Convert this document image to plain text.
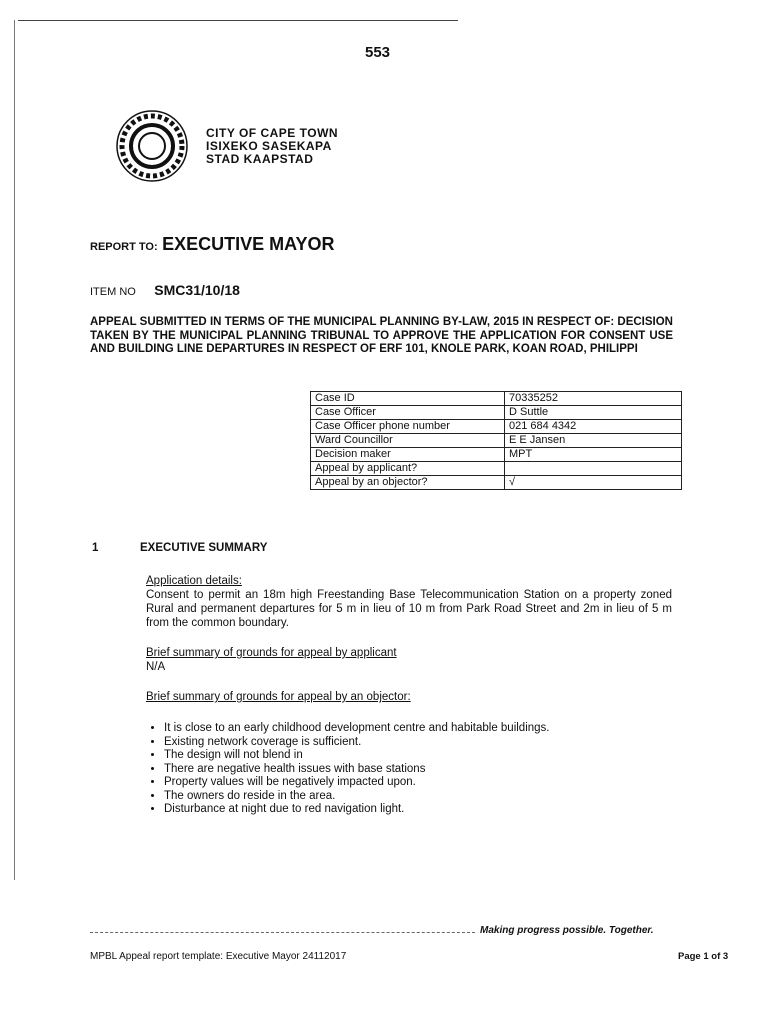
553
CITY OF CAPE TOWN
ISIXEKO SASEKAPA
STAD KAAPSTAD
REPORT TO: EXECUTIVE MAYOR
ITEM NO SMC31/10/18
APPEAL SUBMITTED IN TERMS OF THE MUNICIPAL PLANNING BY-LAW, 2015 IN RESPECT OF: DECISION TAKEN BY THE MUNICIPAL PLANNING TRIBUNAL TO APPROVE THE APPLICATION FOR CONSENT USE AND BUILDING LINE DEPARTURES IN RESPECT OF ERF 101, KNOLE PARK, KOAN ROAD, PHILIPPI
Case ID	70335252
Case Officer	D Suttle
Case Officer phone number	021 684 4342
Ward Councillor	E E Jansen
Decision maker	MPT
Appeal by applicant?	
Appeal by an objector?	√
1	EXECUTIVE SUMMARY
Application details:
Consent to permit an 18m high Freestanding Base Telecommunication Station on a property zoned Rural and permanent departures for 5 m in lieu of 10 m from Park Road Street and 2m in lieu of 5 m from the common boundary.
Brief summary of grounds for appeal by applicant
N/A
Brief summary of grounds for appeal by an objector:
• It is close to an early childhood development centre and habitable buildings.
• Existing network coverage is sufficient.
• The design will not blend in
• There are negative health issues with base stations
• Property values will be negatively impacted upon.
• The owners do reside in the area.
• Disturbance at night due to red navigation light.
Making progress possible. Together.
MPBL Appeal report template: Executive Mayor 24112017	Page 1 of 3
